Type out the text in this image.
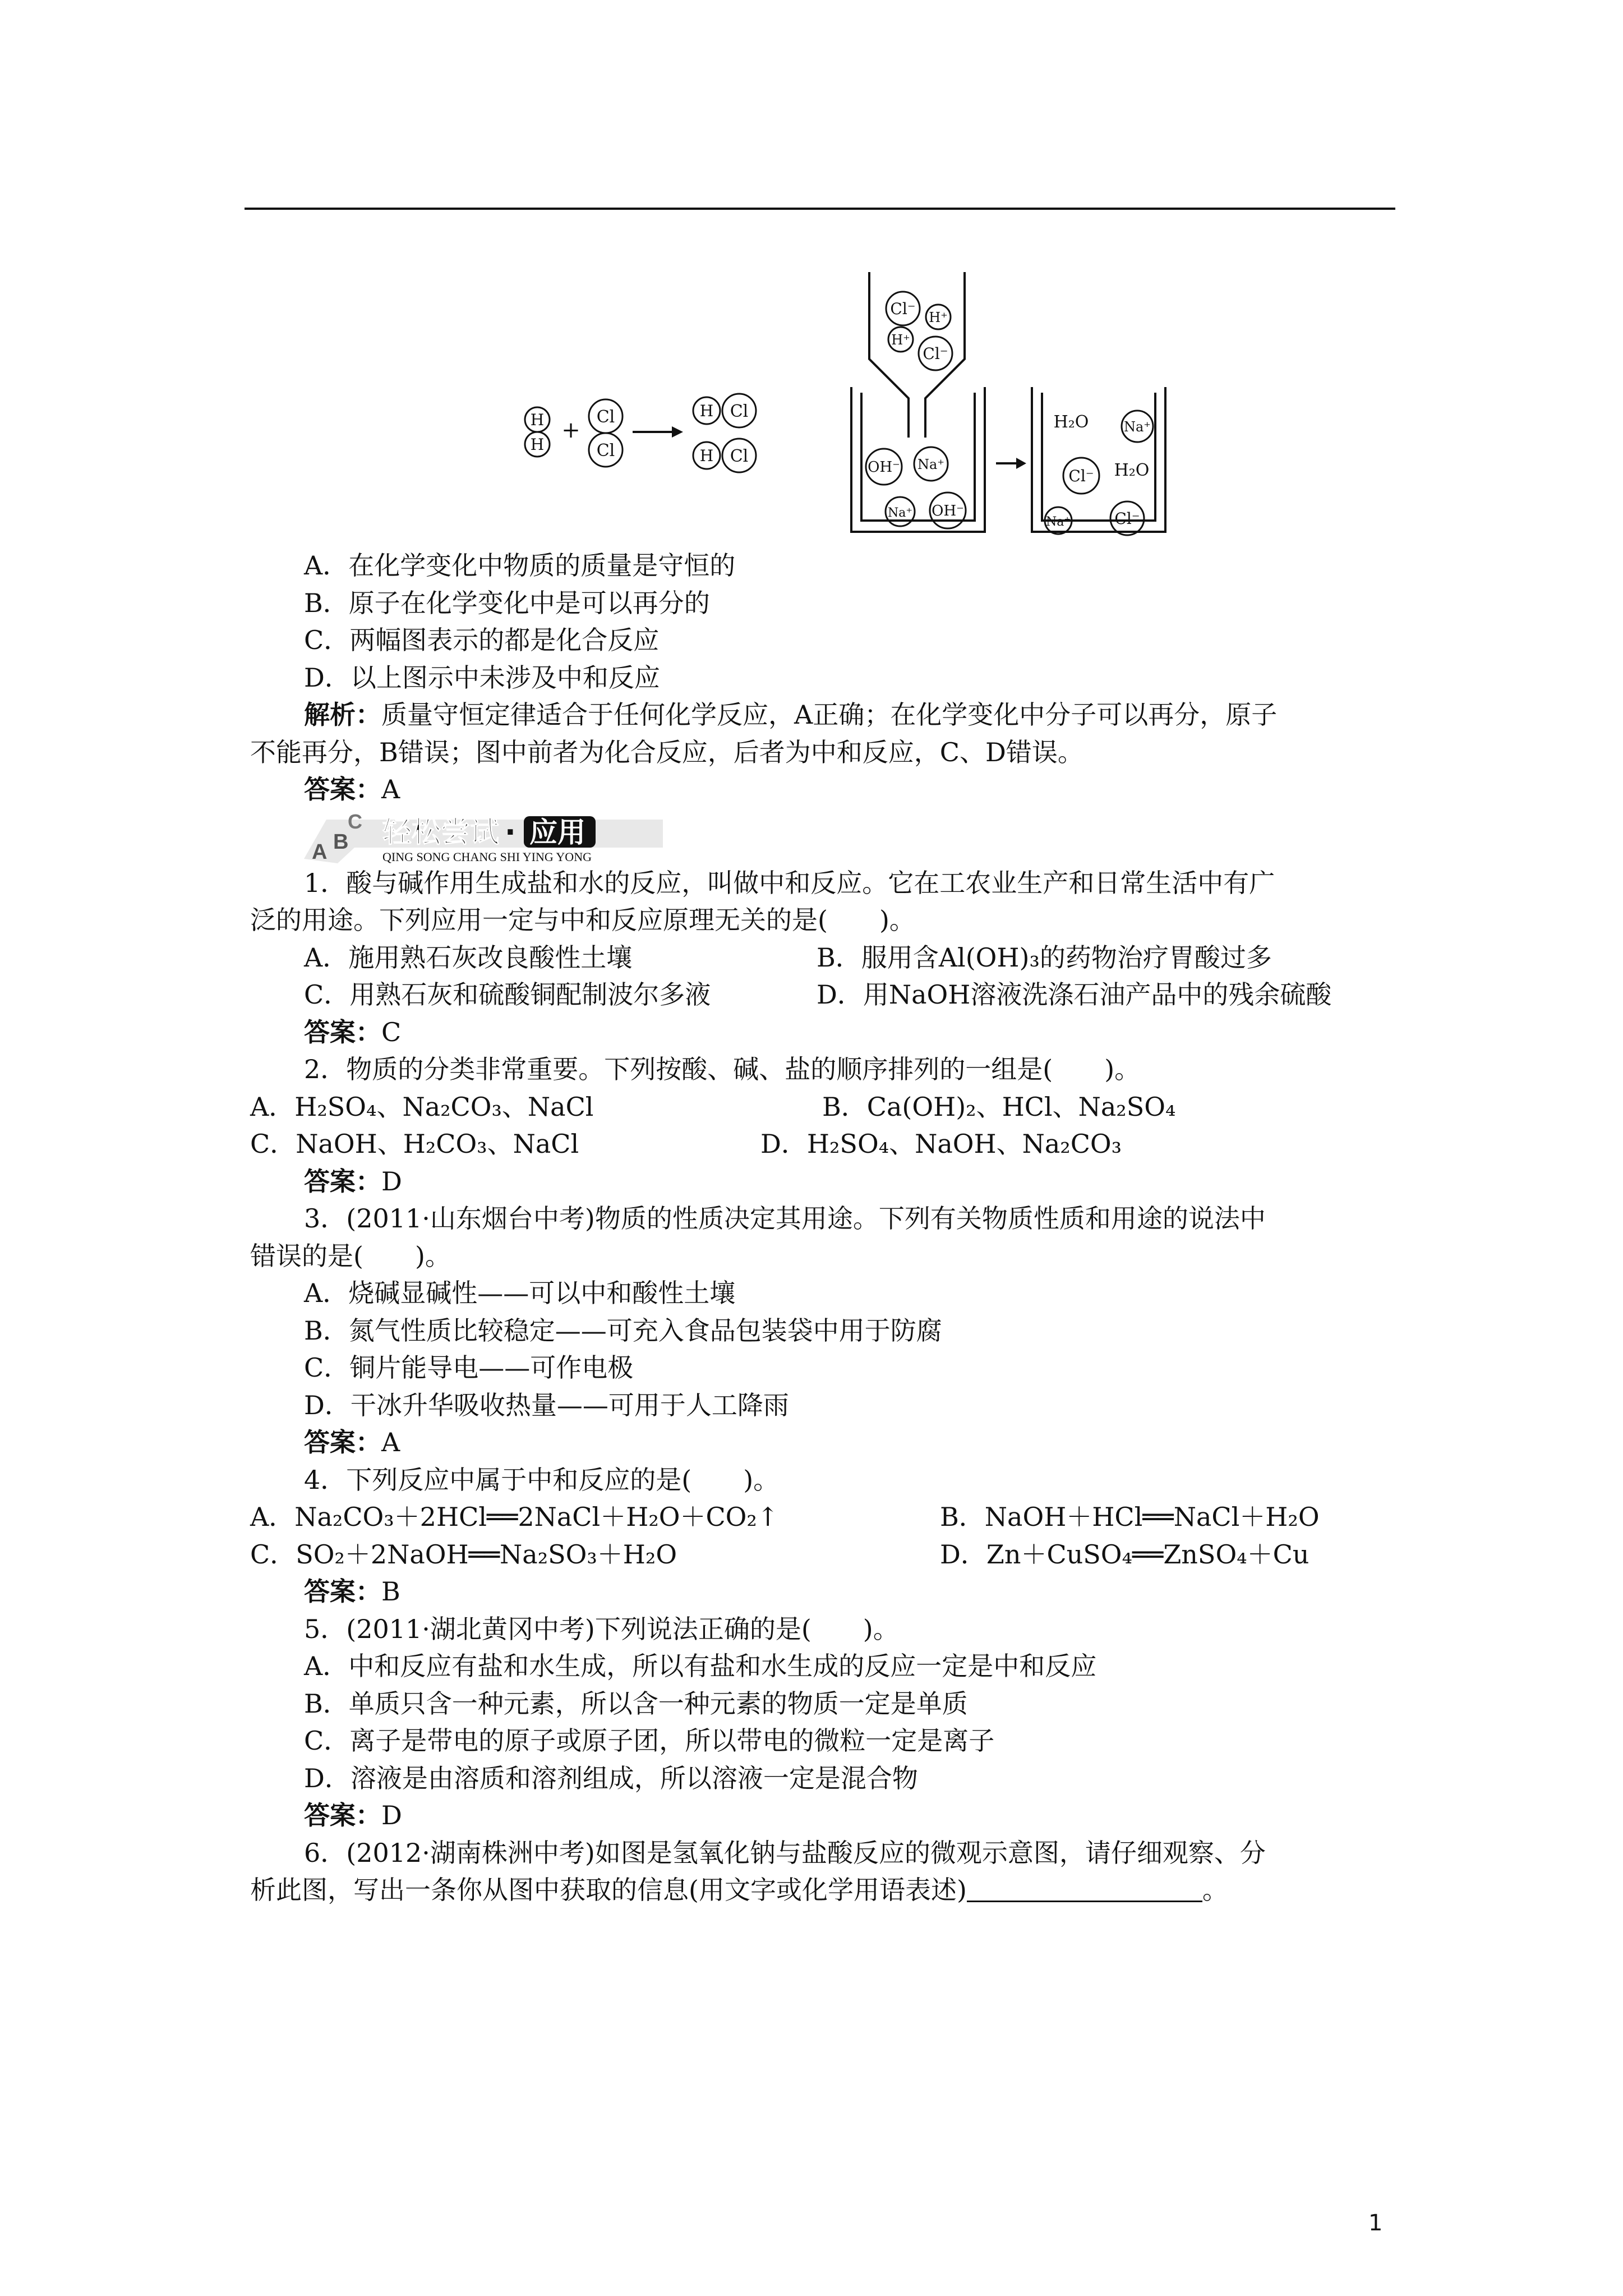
H
H
+
Cl
Cl
H Cl
H Cl
Cl⁻ H⁺
H⁺
Cl⁻
OH⁻ Na⁺
Na⁺ OH⁻
H₂O	Na⁺
Cl⁻ H₂O
Na⁺	Cl⁻
A．在化学变化中物质的质量是守恒的
B．原子在化学变化中是可以再分的
C．两幅图表示的都是化合反应
D．以上图示中未涉及中和反应
解析：质量守恒定律适合于任何化学反应，A正确；在化学变化中分子可以再分，原子
不能再分，B错误；图中前者为化合反应，后者为中和反应，C、D错误。
答案：A
A B
C 轻松尝试 · 应用
QING SONG CHANG SHI YING YONG
1．酸与碱作用生成盐和水的反应，叫做中和反应。它在工农业生产和日常生活中有广
泛的用途。下列应用一定与中和反应原理无关的是(　　)。
A．施用熟石灰改良酸性土壤	B．服用含Al(OH)₃的药物治疗胃酸过多
C．用熟石灰和硫酸铜配制波尔多液	D．用NaOH溶液洗涤石油产品中的残余硫酸
答案：C
2．物质的分类非常重要。下列按酸、碱、盐的顺序排列的一组是(　　)。
A．H₂SO₄、Na₂CO₃、NaCl	B．Ca(OH)₂、HCl、Na₂SO₄
C．NaOH、H₂CO₃、NaCl	D．H₂SO₄、NaOH、Na₂CO₃
答案：D
3．(2011·山东烟台中考)物质的性质决定其用途。下列有关物质性质和用途的说法中
错误的是(　　)。
A．烧碱显碱性——可以中和酸性土壤
B．氮气性质比较稳定——可充入食品包装袋中用于防腐
C．铜片能导电——可作电极
D．干冰升华吸收热量——可用于人工降雨
答案：A
4．下列反应中属于中和反应的是(　　)。
A．Na₂CO₃＋2HCl══2NaCl＋H₂O＋CO₂↑	B．NaOH＋HCl══NaCl＋H₂O
C．SO₂＋2NaOH══Na₂SO₃＋H₂O	D．Zn＋CuSO₄══ZnSO₄＋Cu
答案：B
5．(2011·湖北黄冈中考)下列说法正确的是(　　)。
A．中和反应有盐和水生成，所以有盐和水生成的反应一定是中和反应
B．单质只含一种元素，所以含一种元素的物质一定是单质
C．离子是带电的原子或原子团，所以带电的微粒一定是离子
D．溶液是由溶质和溶剂组成，所以溶液一定是混合物
答案：D
6．(2012·湖南株洲中考)如图是氢氧化钠与盐酸反应的微观示意图，请仔细观察、分
析此图，写出一条你从图中获取的信息(用文字或化学用语表述)	。
1
